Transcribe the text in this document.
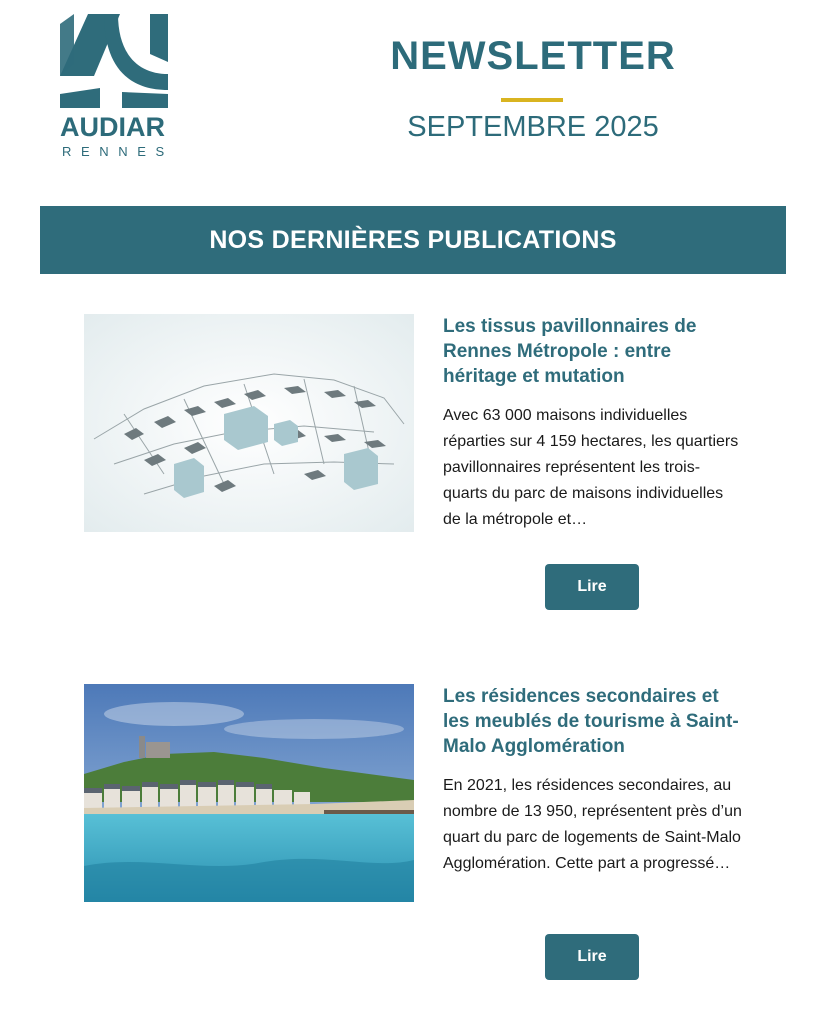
AUDIAR
RENNES
NEWSLETTER
SEPTEMBRE 2025
NOS DERNIÈRES PUBLICATIONS
Les tissus pavillonnaires de Rennes Métropole : entre héritage et mutation
Avec 63 000 maisons individuelles réparties sur 4 159 hectares, les quartiers pavillonnaires représentent les trois-quarts du parc de maisons individuelles de la métropole et…
Lire
Les résidences secondaires et les meublés de tourisme à Saint-Malo Agglomération
En 2021, les résidences secondaires, au nombre de 13 950, représentent près d’un quart du parc de logements de Saint-Malo Agglomération. Cette part a progressé…
Lire
